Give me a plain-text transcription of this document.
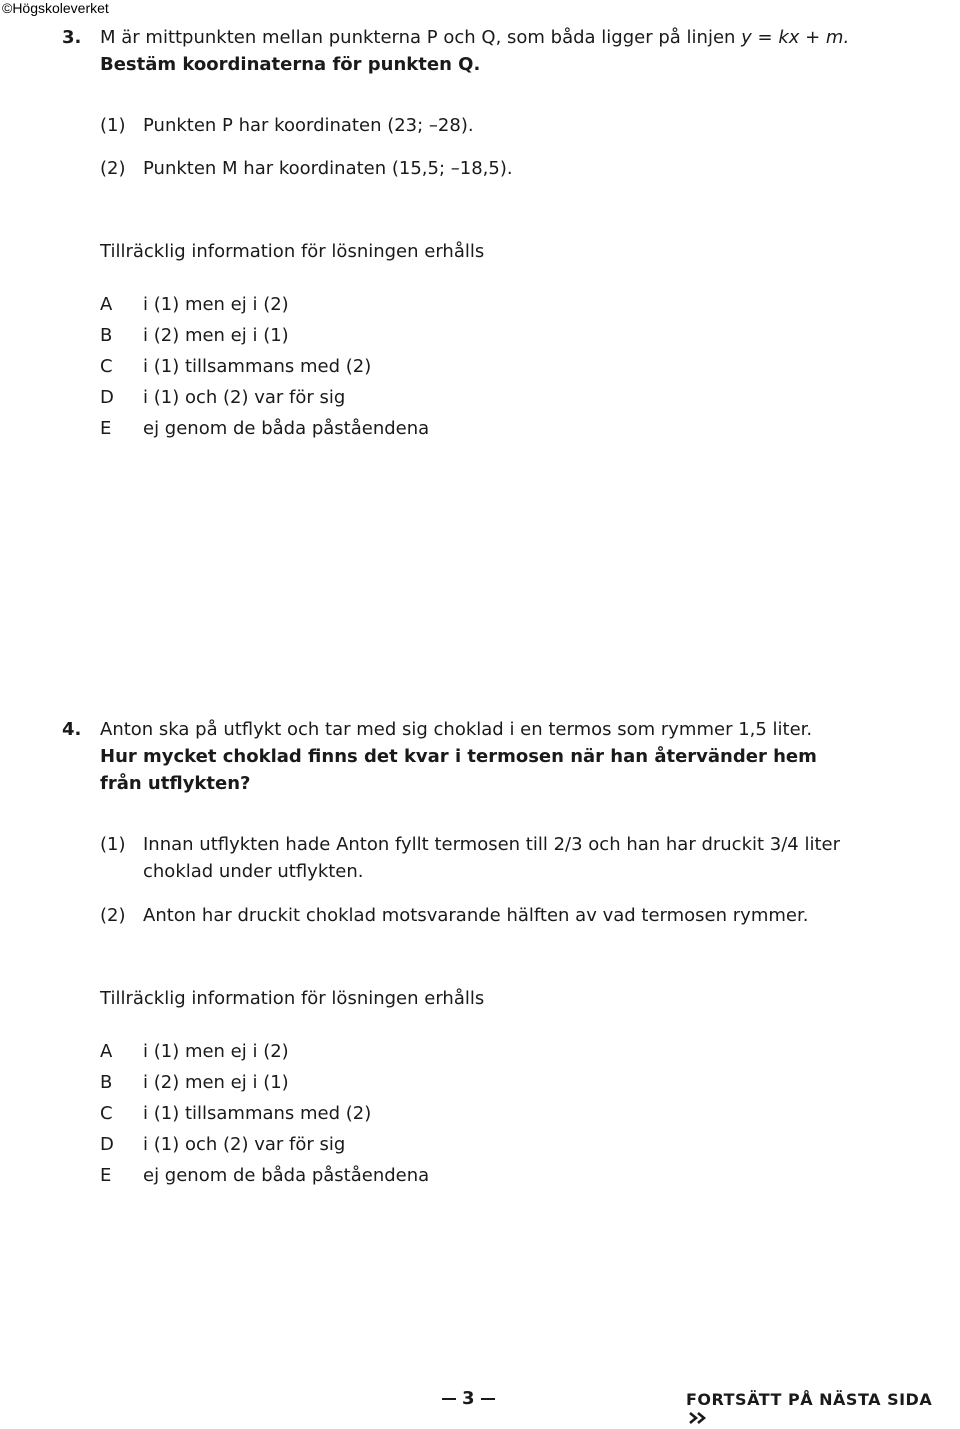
©Högskoleverket
3. M är mittpunkten mellan punkterna P och Q, som båda ligger på linjen y = kx + m.
Bestäm koordinaterna för punkten Q.
(1) Punkten P har koordinaten (23; –28).
(2) Punkten M har koordinaten (15,5; –18,5).
Tillräcklig information för lösningen erhålls
A i (1) men ej i (2)
B i (2) men ej i (1)
C i (1) tillsammans med (2)
D i (1) och (2) var för sig
E ej genom de båda påståendena
4. Anton ska på utflykt och tar med sig choklad i en termos som rymmer 1,5 liter.
Hur mycket choklad finns det kvar i termosen när han återvänder hem
från utflykten?
(1) Innan utflykten hade Anton fyllt termosen till 2/3 och han har druckit 3/4 liter
choklad under utflykten.
(2) Anton har druckit choklad motsvarande hälften av vad termosen rymmer.
Tillräcklig information för lösningen erhålls
A i (1) men ej i (2)
B i (2) men ej i (1)
C i (1) tillsammans med (2)
D i (1) och (2) var för sig
E ej genom de båda påståendena
3	FORTSÄTT PÅ NÄSTA SIDA
